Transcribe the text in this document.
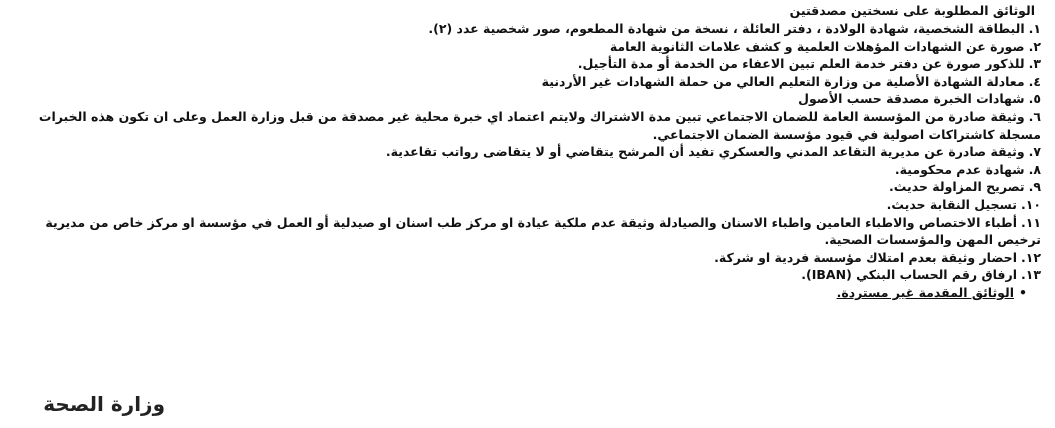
الوثائق المطلوبة على نسختين مصدقتين

١.البطاقة الشخصية، شهادة الولادة ، دفتر العائلة ، نسخة من شهادة المطعوم، صور شخصية عدد (٢).
٢.صورة عن الشهادات المؤهلات العلمية و كشف علامات الثانوية العامة
٣.للذكور صورة عن دفتر خدمة العلم تبين الاعفاء من الخدمة أو مدة التأجيل.
٤.معادلة الشهادة الأصلية من وزارة التعليم العالي من حملة الشهادات غير الأردنية
٥.شهادات الخبرة مصدقة حسب الأصول
٦.وثيقة صادرة من المؤسسة العامة للضمان الاجتماعي تبين مدة الاشتراك ولايتم اعتماد اي خبرة محلية غير مصدقة من قبل وزارة العمل وعلى ان تكون هذه الخبرات مسجلة كاشتراكات اصولية في قيود مؤسسة الضمان الاجتماعي.
٧.وثيقة صادرة عن مديرية التقاعد المدني والعسكري تفيد أن المرشح يتقاضي أو لا يتقاضى رواتب تقاعدية.
٨.شهادة عدم محكومية.
٩.تصريح المزاولة حديث.
١٠.تسجيل النقابة حديث.
١١.أطباء الاختصاص والاطباء العامين واطباء الاسنان والصيادلة وثيقة عدم ملكية عيادة او مركز طب اسنان او صيدلية أو العمل في مؤسسة او مركز خاص من مديرية ترخيص المهن والمؤسسات الصحية.
١٢.احضار وثيقة بعدم امتلاك مؤسسة فردية او شركة.
١٣.ارفاق رقم الحساب البنكي (IBAN).
•الوثائق المقدمة غير مستردة.

وزارة الصحة
